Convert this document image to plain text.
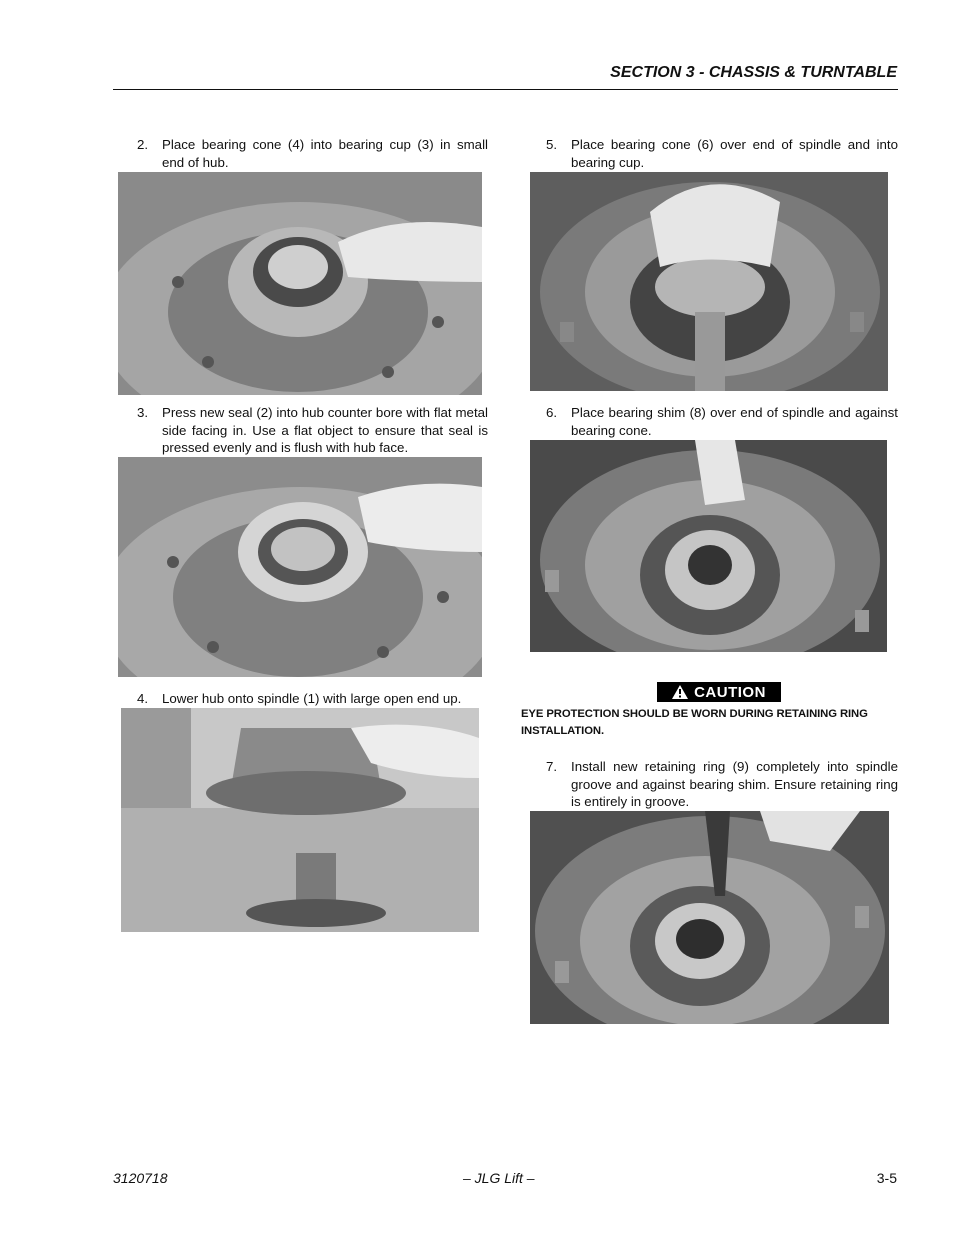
SECTION 3 - CHASSIS & TURNTABLE
2. Place bearing cone (4) into bearing cup (3) in small end of hub.
3. Press new seal (2) into hub counter bore with flat metal side facing in. Use a flat object to ensure that seal is pressed evenly and is flush with hub face.
4. Lower hub onto spindle (1) with large open end up.
5. Place bearing cone (6) over end of spindle and into bearing cup.
6. Place bearing shim (8) over end of spindle and against bearing cone.
CAUTION
EYE PROTECTION SHOULD BE WORN DURING RETAINING RING INSTALLATION.
7. Install new retaining ring (9) completely into spindle groove and against bearing shim. Ensure retaining ring is entirely in groove.
3120718	– JLG Lift –	3-5
